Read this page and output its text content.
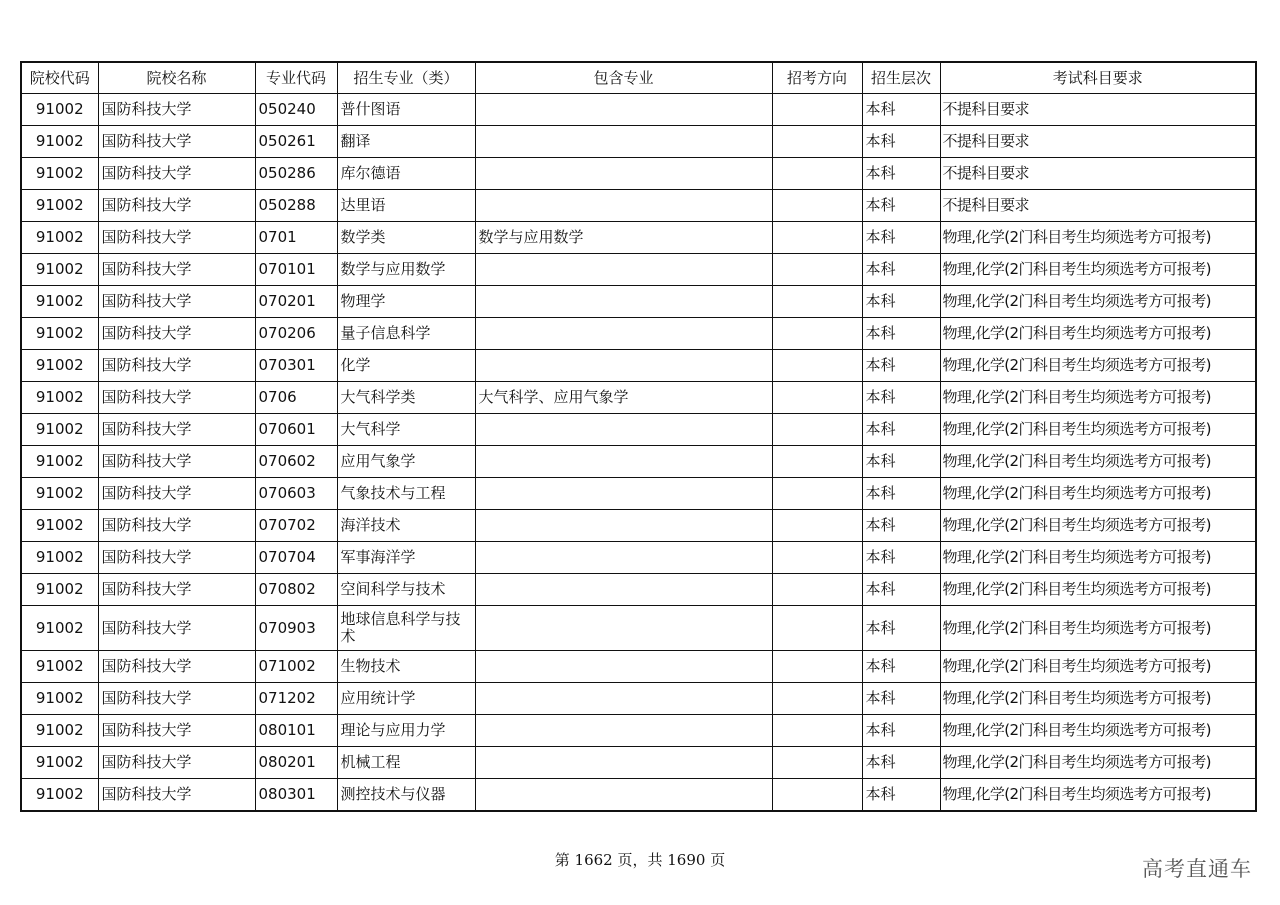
院校代码	院校名称	专业代码	招生专业（类）	包含专业	招考方向	招生层次	考试科目要求
91002	国防科技大学	050240	普什图语			本科	不提科目要求
91002	国防科技大学	050261	翻译			本科	不提科目要求
91002	国防科技大学	050286	库尔德语			本科	不提科目要求
91002	国防科技大学	050288	达里语			本科	不提科目要求
91002	国防科技大学	0701	数学类	数学与应用数学		本科	物理,化学(2门科目考生均须选考方可报考)
91002	国防科技大学	070101	数学与应用数学			本科	物理,化学(2门科目考生均须选考方可报考)
91002	国防科技大学	070201	物理学			本科	物理,化学(2门科目考生均须选考方可报考)
91002	国防科技大学	070206	量子信息科学			本科	物理,化学(2门科目考生均须选考方可报考)
91002	国防科技大学	070301	化学			本科	物理,化学(2门科目考生均须选考方可报考)
91002	国防科技大学	0706	大气科学类	大气科学、应用气象学		本科	物理,化学(2门科目考生均须选考方可报考)
91002	国防科技大学	070601	大气科学			本科	物理,化学(2门科目考生均须选考方可报考)
91002	国防科技大学	070602	应用气象学			本科	物理,化学(2门科目考生均须选考方可报考)
91002	国防科技大学	070603	气象技术与工程			本科	物理,化学(2门科目考生均须选考方可报考)
91002	国防科技大学	070702	海洋技术			本科	物理,化学(2门科目考生均须选考方可报考)
91002	国防科技大学	070704	军事海洋学			本科	物理,化学(2门科目考生均须选考方可报考)
91002	国防科技大学	070802	空间科学与技术			本科	物理,化学(2门科目考生均须选考方可报考)
91002	国防科技大学	070903	地球信息科学与技术			本科	物理,化学(2门科目考生均须选考方可报考)
91002	国防科技大学	071002	生物技术			本科	物理,化学(2门科目考生均须选考方可报考)
91002	国防科技大学	071202	应用统计学			本科	物理,化学(2门科目考生均须选考方可报考)
91002	国防科技大学	080101	理论与应用力学			本科	物理,化学(2门科目考生均须选考方可报考)
91002	国防科技大学	080201	机械工程			本科	物理,化学(2门科目考生均须选考方可报考)
91002	国防科技大学	080301	测控技术与仪器			本科	物理,化学(2门科目考生均须选考方可报考)
第 1662 页，共 1690 页	高考直通车
